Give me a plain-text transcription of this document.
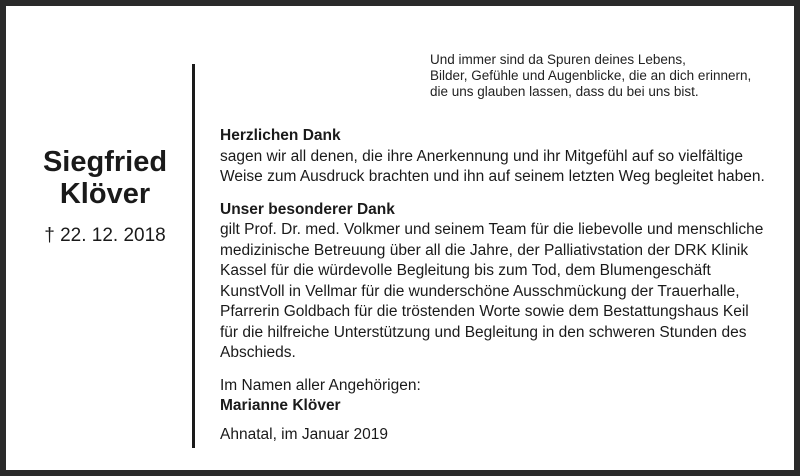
Siegfried
Klöver
† 22. 12. 2018
Und immer sind da Spuren deines Lebens,
Bilder, Gefühle und Augenblicke, die an dich erinnern,
die uns glauben lassen, dass du bei uns bist.
Herzlichen Dank
sagen wir all denen, die ihre Anerkennung und ihr Mitgefühl auf so vielfältige
Weise zum Ausdruck brachten und ihn auf seinem letzten Weg begleitet haben.
Unser besonderer Dank
gilt Prof. Dr. med. Volkmer und seinem Team für die liebevolle und menschliche
medizinische Betreuung über all die Jahre, der Palliativstation der DRK Klinik
Kassel für die würdevolle Begleitung bis zum Tod, dem Blumengeschäft
KunstVoll in Vellmar für die wunderschöne Ausschmückung der Trauerhalle,
Pfarrerin Goldbach für die tröstenden Worte sowie dem Bestattungshaus Keil
für die hilfreiche Unterstützung und Begleitung in den schweren Stunden des
Abschieds.
Im Namen aller Angehörigen:
Marianne Klöver
Ahnatal, im Januar 2019
